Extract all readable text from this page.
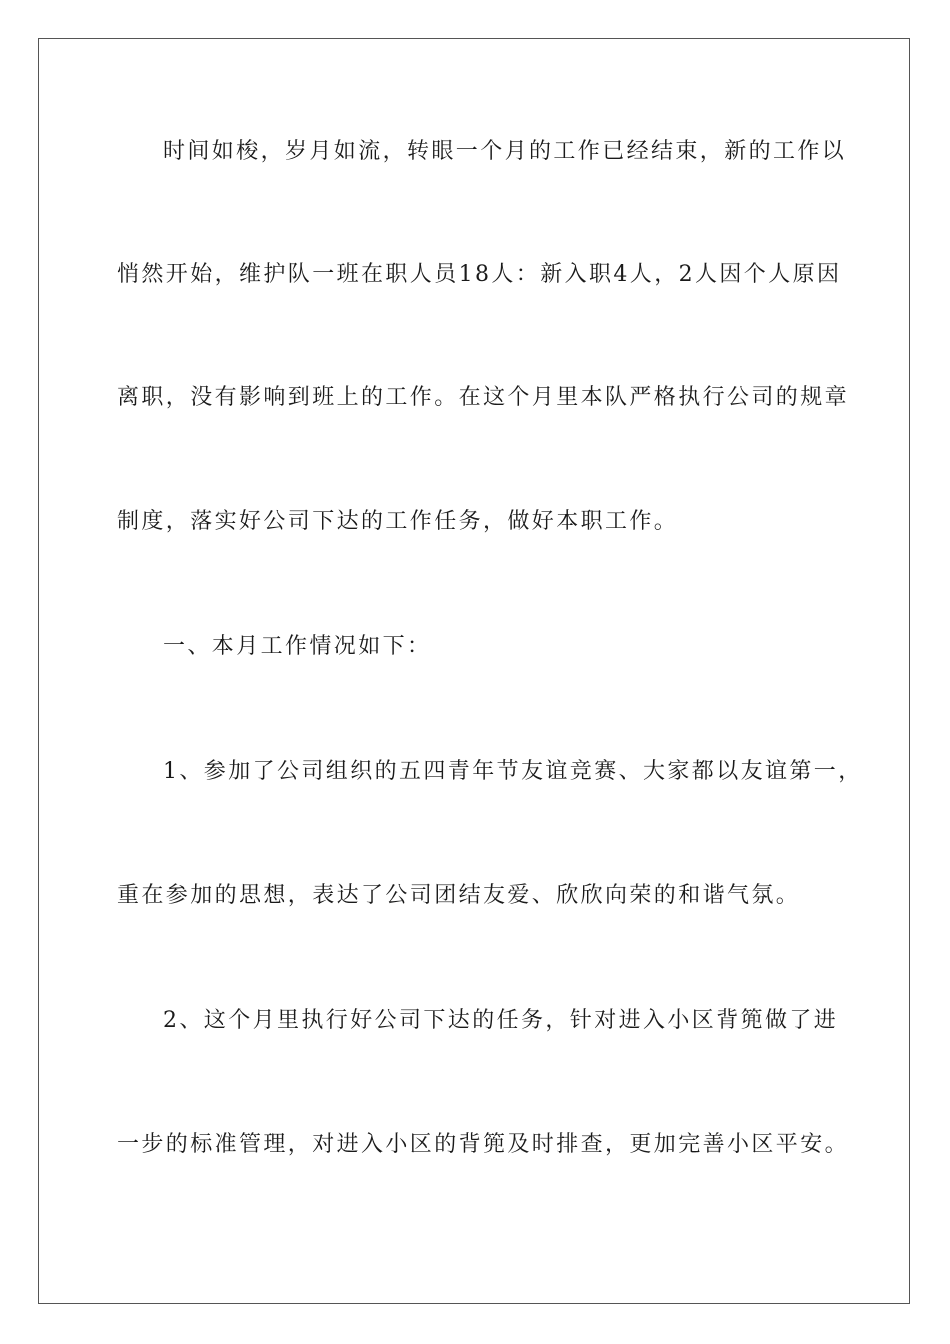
时间如梭，岁月如流，转眼一个月的工作已经结束，新的工作以
悄然开始，维护队一班在职人员18人：新入职4人，2人因个人原因
离职，没有影响到班上的工作。在这个月里本队严格执行公司的规章
制度，落实好公司下达的工作任务，做好本职工作。
一、本月工作情况如下：
1、参加了公司组织的五四青年节友谊竞赛、大家都以友谊第一，
重在参加的思想，表达了公司团结友爱、欣欣向荣的和谐气氛。
2、这个月里执行好公司下达的任务，针对进入小区背篼做了进
一步的标准管理，对进入小区的背篼及时排查，更加完善小区平安。
